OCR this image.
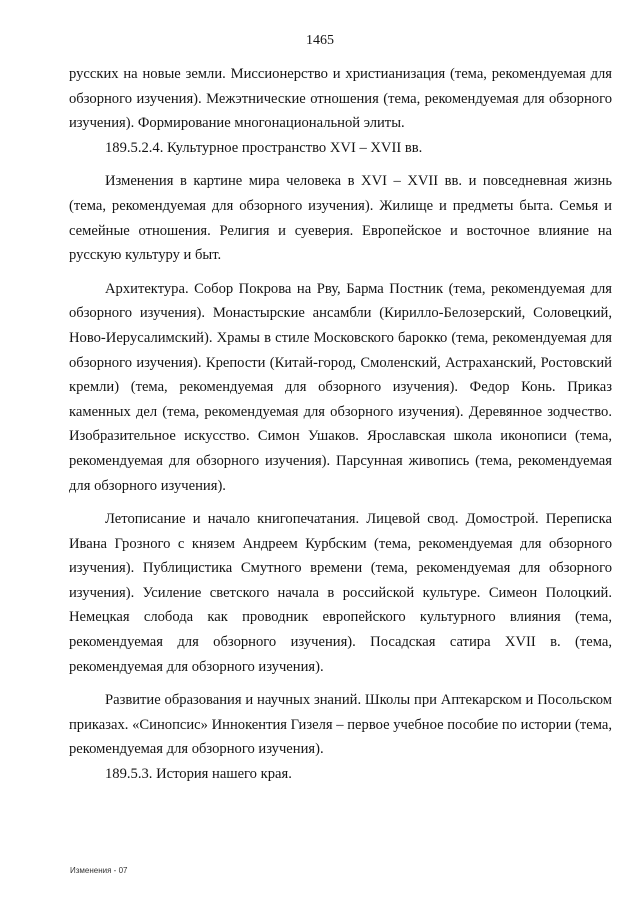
1465

русских на новые земли. Миссионерство и христианизация (тема, рекомендуемая для обзорного изучения). Межэтнические отношения (тема, рекомендуемая для обзорного изучения). Формирование многонациональной элиты.

189.5.2.4. Культурное пространство XVI – XVII вв.

Изменения в картине мира человека в XVI – XVII вв. и повседневная жизнь (тема, рекомендуемая для обзорного изучения). Жилище и предметы быта. Семья и семейные отношения. Религия и суеверия. Европейское и восточное влияние на русскую культуру и быт.

Архитектура. Собор Покрова на Рву, Барма Постник (тема, рекомендуемая для обзорного изучения). Монастырские ансамбли (Кирилло-Белозерский, Соловецкий, Ново-Иерусалимский). Храмы в стиле Московского барокко (тема, рекомендуемая для обзорного изучения). Крепости (Китай-город, Смоленский, Астраханский, Ростовский кремли) (тема, рекомендуемая для обзорного изучения). Федор Конь. Приказ каменных дел (тема, рекомендуемая для обзорного изучения). Деревянное зодчество. Изобразительное искусство. Симон Ушаков. Ярославская школа иконописи (тема, рекомендуемая для обзорного изучения). Парсунная живопись (тема, рекомендуемая для обзорного изучения).

Летописание и начало книгопечатания. Лицевой свод. Домострой. Переписка Ивана Грозного с князем Андреем Курбским (тема, рекомендуемая для обзорного изучения). Публицистика Смутного времени (тема, рекомендуемая для обзорного изучения). Усиление светского начала в российской культуре. Симеон Полоцкий. Немецкая слобода как проводник европейского культурного влияния (тема, рекомендуемая для обзорного изучения). Посадская сатира XVII в. (тема, рекомендуемая для обзорного изучения).

Развитие образования и научных знаний. Школы при Аптекарском и Посольском приказах. «Синопсис» Иннокентия Гизеля – первое учебное пособие по истории (тема, рекомендуемая для обзорного изучения).

189.5.3. История нашего края.

Изменения - 07
